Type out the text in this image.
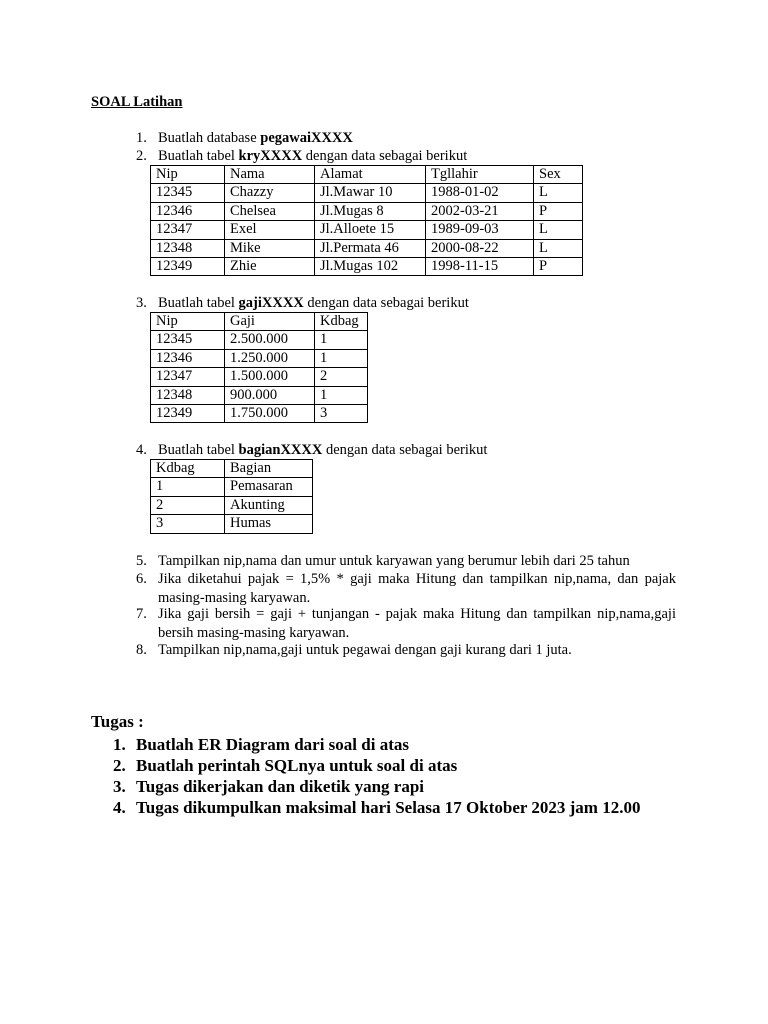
SOAL Latihan
1. Buatlah database pegawaiXXXX
2. Buatlah tabel kryXXXX dengan data sebagai berikut
Nip	Nama	Alamat	Tgllahir	Sex
12345	Chazzy	Jl.Mawar 10	1988-01-02	L
12346	Chelsea	Jl.Mugas 8	2002-03-21	P
12347	Exel	Jl.Alloete 15	1989-09-03	L
12348	Mike	Jl.Permata 46	2000-08-22	L
12349	Zhie	Jl.Mugas 102	1998-11-15	P
3. Buatlah tabel gajiXXXX dengan data sebagai berikut
Nip	Gaji	Kdbag
12345	2.500.000	1
12346	1.250.000	1
12347	1.500.000	2
12348	900.000	1
12349	1.750.000	3
4. Buatlah tabel bagianXXXX dengan data sebagai berikut
Kdbag	Bagian
1	Pemasaran
2	Akunting
3	Humas
5. Tampilkan nip,nama dan umur untuk karyawan yang berumur lebih dari 25 tahun
6. Jika diketahui pajak = 1,5% * gaji maka Hitung dan tampilkan nip,nama, dan pajak masing-masing karyawan.
7. Jika gaji bersih = gaji + tunjangan - pajak maka Hitung dan tampilkan nip,nama,gaji bersih masing-masing karyawan.
8. Tampilkan nip,nama,gaji untuk pegawai dengan gaji kurang dari 1 juta.
Tugas :
1. Buatlah ER Diagram dari soal di atas
2. Buatlah perintah SQLnya untuk soal di atas
3. Tugas dikerjakan dan diketik yang rapi
4. Tugas dikumpulkan maksimal hari Selasa 17 Oktober 2023 jam 12.00
